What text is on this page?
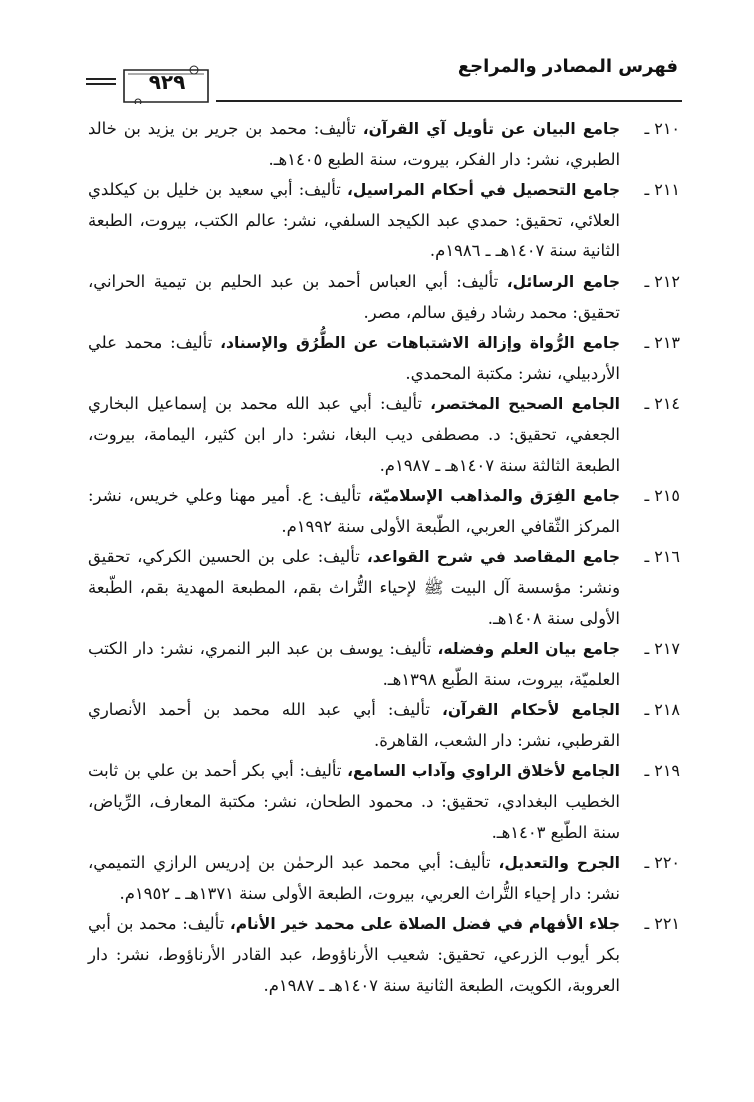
٩٢٩
فهرس المصادر والمراجع

٢١٠ ـ
جامع البيان عن تأويل آي القرآن، تأليف: محمد بن جرير بن يزيد بن خالد الطبري، نشر: دار الفكر، بيروت، سنة الطبع ١٤٠٥هـ.

٢١١ ـ
جامع التحصيل في أحكام المراسيل، تأليف: أبي سعيد بن خليل بن كيكلدي العلائي، تحقيق: حمدي عبد الكيجد السلفي، نشر: عالم الكتب، بيروت، الطبعة الثانية سنة ١٤٠٧هـ ـ ١٩٨٦م.

٢١٢ ـ
جامع الرسائل، تأليف: أبي العباس أحمد بن عبد الحليم بن تيمية الحراني، تحقيق: محمد رشاد رفيق سالم، مصر.

٢١٣ ـ
جامع الرُّواة وإزالة الاشتباهات عن الطُّرُق والإسناد، تأليف: محمد علي الأردبيلي، نشر: مكتبة المحمدي.

٢١٤ ـ
الجامع الصحيح المختصر، تأليف: أبي عبد الله محمد بن إسماعيل البخاري الجعفي، تحقيق: د. مصطفى ديب البغا، نشر: دار ابن كثير، اليمامة، بيروت، الطبعة الثالثة سنة ١٤٠٧هـ ـ ١٩٨٧م.

٢١٥ ـ
جامع الفِرَق والمذاهب الإسلاميّة، تأليف: ع. أمير مهنا وعلي خريس، نشر: المركز الثّقافي العربي، الطّبعة الأولى سنة ١٩٩٢م.

٢١٦ ـ
جامع المقاصد في شرح القواعد، تأليف: على بن الحسين الكركي، تحقيق ونشر: مؤسسة آل البيت ﷺ لإحياء التُّراث بقم، المطبعة المهدية بقم، الطّبعة الأولى سنة ١٤٠٨هـ.

٢١٧ ـ
جامع بيان العلم وفضله، تأليف: يوسف بن عبد البر النمري، نشر: دار الكتب العلميّة، بيروت، سنة الطّبع ١٣٩٨هـ.

٢١٨ ـ
الجامع لأحكام القرآن، تأليف: أبي عبد الله محمد بن أحمد الأنصاري القرطبي، نشر: دار الشعب، القاهرة.

٢١٩ ـ
الجامع لأخلاق الراوي وآداب السامع، تأليف: أبي بكر أحمد بن علي بن ثابت الخطيب البغدادي، تحقيق: د. محمود الطحان، نشر: مكتبة المعارف، الرِّياض، سنة الطّبع ١٤٠٣هـ.

٢٢٠ ـ
الجرح والتعديل، تأليف: أبي محمد عبد الرحمٰن بن إدريس الرازي التميمي، نشر: دار إحياء التُّراث العربي، بيروت، الطبعة الأولى سنة ١٣٧١هـ ـ ١٩٥٢م.

٢٢١ ـ
جلاء الأفهام في فضل الصلاة على محمد خير الأنام، تأليف: محمد بن أبي بكر أيوب الزرعي، تحقيق: شعيب الأرناؤوط، عبد القادر الأرناؤوط، نشر: دار العروبة، الكويت، الطبعة الثانية سنة ١٤٠٧هـ ـ ١٩٨٧م.
